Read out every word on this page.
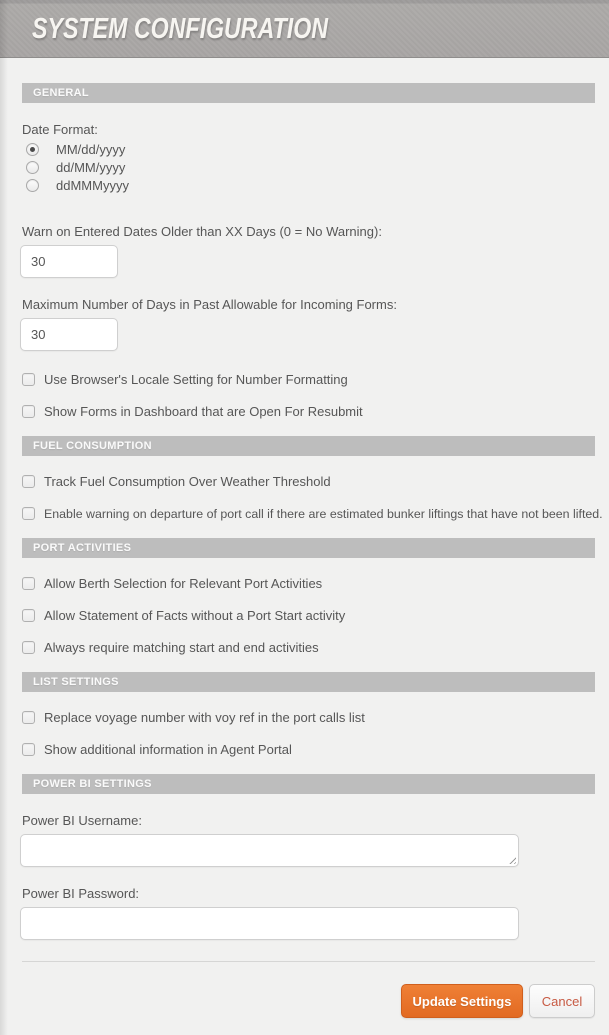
SYSTEM CONFIGURATION
GENERAL
Date Format:
MM/dd/yyyy
dd/MM/yyyy
ddMMMyyyy
Warn on Entered Dates Older than XX Days (0 = No Warning):
30
Maximum Number of Days in Past Allowable for Incoming Forms:
30
Use Browser's Locale Setting for Number Formatting
Show Forms in Dashboard that are Open For Resubmit
FUEL CONSUMPTION
Track Fuel Consumption Over Weather Threshold
Enable warning on departure of port call if there are estimated bunker liftings that have not been lifted.
PORT ACTIVITIES
Allow Berth Selection for Relevant Port Activities
Allow Statement of Facts without a Port Start activity
Always require matching start and end activities
LIST SETTINGS
Replace voyage number with voy ref in the port calls list
Show additional information in Agent Portal
POWER BI SETTINGS
Power BI Username:
Power BI Password:
Update Settings	Cancel
